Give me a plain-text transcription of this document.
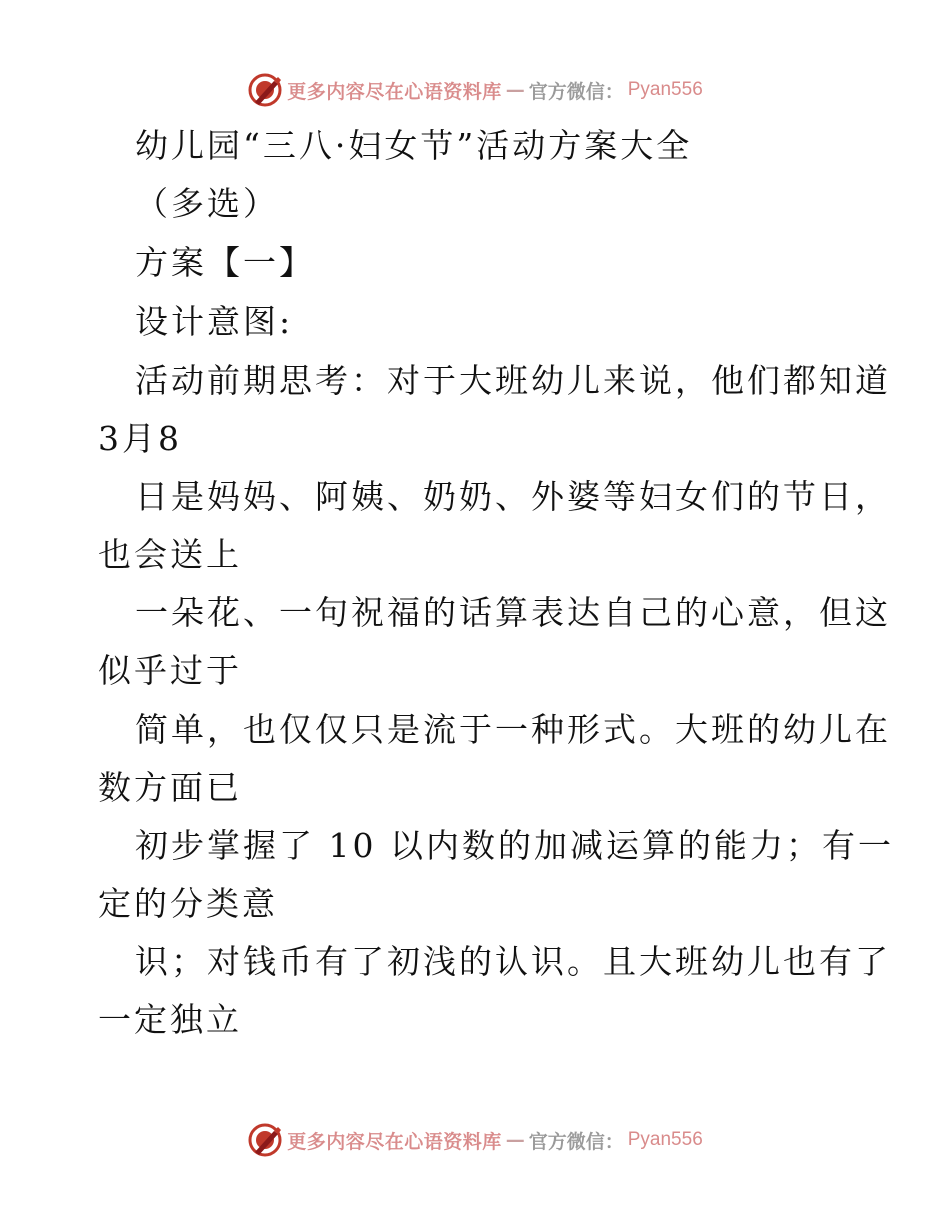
更多内容尽在心语资料库 — 官方微信： Pyan556
幼儿园“三八·妇女节”活动方案大全
（多选）
方案【一】
设计意图:
活动前期思考：对于大班幼儿来说，他们都知道
3月8
日是妈妈、阿姨、奶奶、外婆等妇女们的节日，
也会送上
一朵花、一句祝福的话算表达自己的心意，但这
似乎过于
简单，也仅仅只是流于一种形式。大班的幼儿在
数方面已
初步掌握了 10 以内数的加减运算的能力；有一
定的分类意
识；对钱币有了初浅的认识。且大班幼儿也有了
一定独立
更多内容尽在心语资料库 — 官方微信： Pyan556
